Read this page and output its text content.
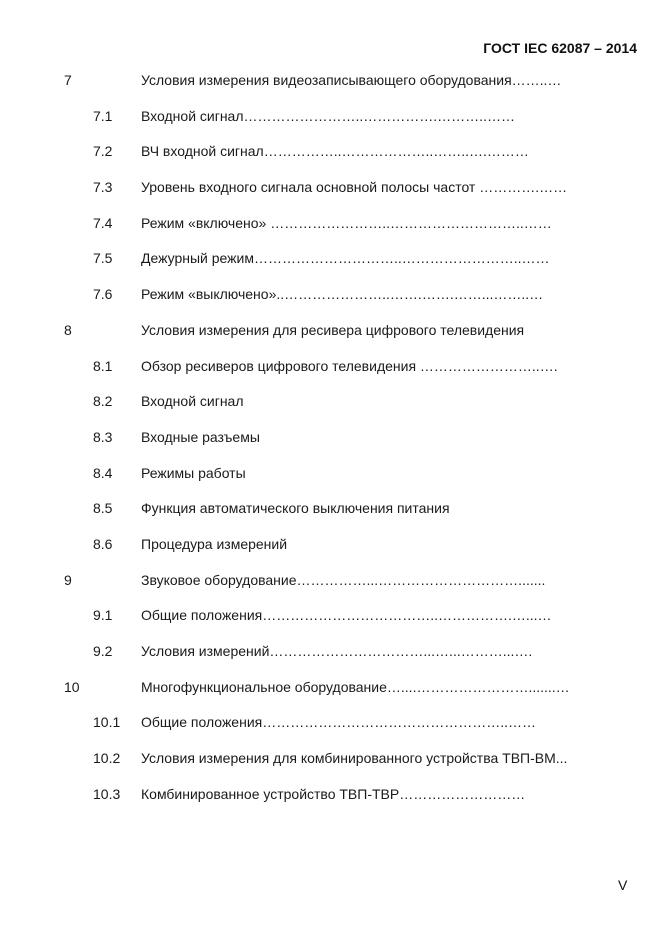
ГОСТ IEC 62087 – 2014
7	Условия измерения видеозаписывающего оборудования……..…
7.1 Входной сигнал……………………..…………….………..……
7.2 ВЧ входной сигнал……………..………………..……..….………
7.3 Уровень входного сигнала основной полосы частот ………….……
7.4 Режим «включено» ……………………..………………………..……
7.5 Дежурный режим…………………………..……………………..……
7.6 Режим «выключено»..…………………..…….…….……...……..…
8	Условия измерения для ресивера цифрового телевидения
8.1 Обзор ресиверов цифрового телевидения ……………………..….
8.2 Входной сигнал
8.3 Входные разъемы
8.4 Режимы работы
8.5 Функция автоматического выключения питания
8.6 Процедура измерений
9	Звуковое оборудование……………...………………………….......
9.1 Общие положения………………………………..…………….…...…
9.2 Условия измерений……………………………...…...………...….
10	Многофункциональное оборудование…....…………………….......…
10.1 Общие положения……………………………………………..……
10.2 Условия измерения для комбинированного устройства ТВП-ВМ...
10.3 Комбинированное устройство ТВП-ТВР………………………
V
